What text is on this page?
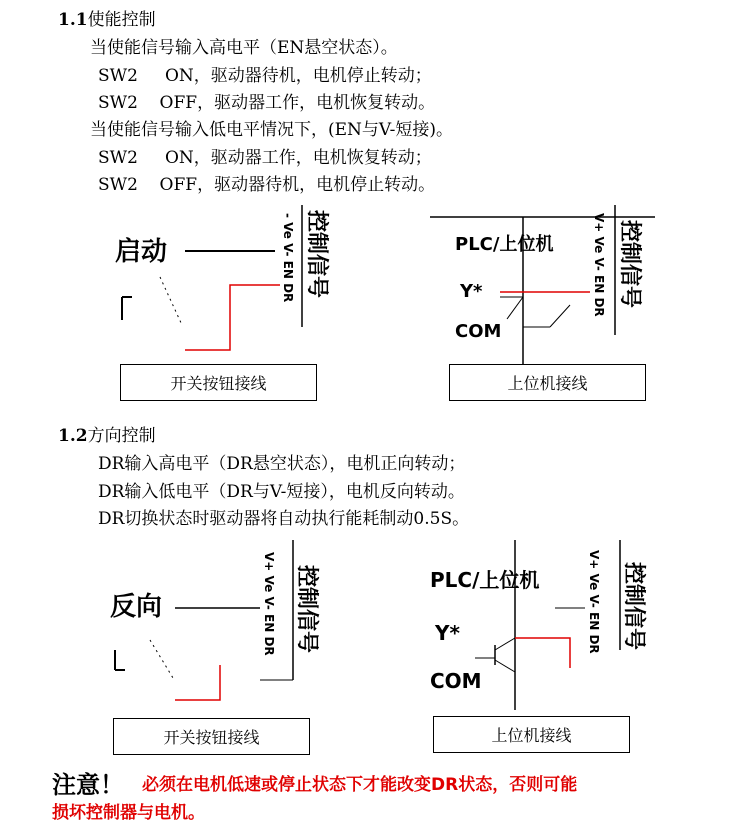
1.1使能控制
当使能信号输入高电平（EN悬空状态）。
SW2     ON，驱动器待机，电机停止转动；
SW2    OFF，驱动器工作，电机恢复转动。
当使能信号输入低电平情况下，(EN与V-短接)。
SW2     ON，驱动器工作，电机恢复转动；
SW2    OFF，驱动器待机，电机停止转动。
启动	- Ve V- EN DR 控制信号
开关按钮接线
PLC/上位机
Y*
COM
V+ Ve V- EN DR 控制信号
上位机接线
1.2方向控制
DR输入高电平（DR悬空状态），电机正向转动；
DR输入低电平（DR与V-短接），电机反向转动。
DR切换状态时驱动器将自动执行能耗制动0.5S。
反向	V+ Ve V- EN DR 控制信号
开关按钮接线
PLC/上位机
Y*
COM
V+ Ve V- EN DR 控制信号
上位机接线
注意！ 必须在电机低速或停止状态下才能改变DR状态，否则可能
损坏控制器与电机。
